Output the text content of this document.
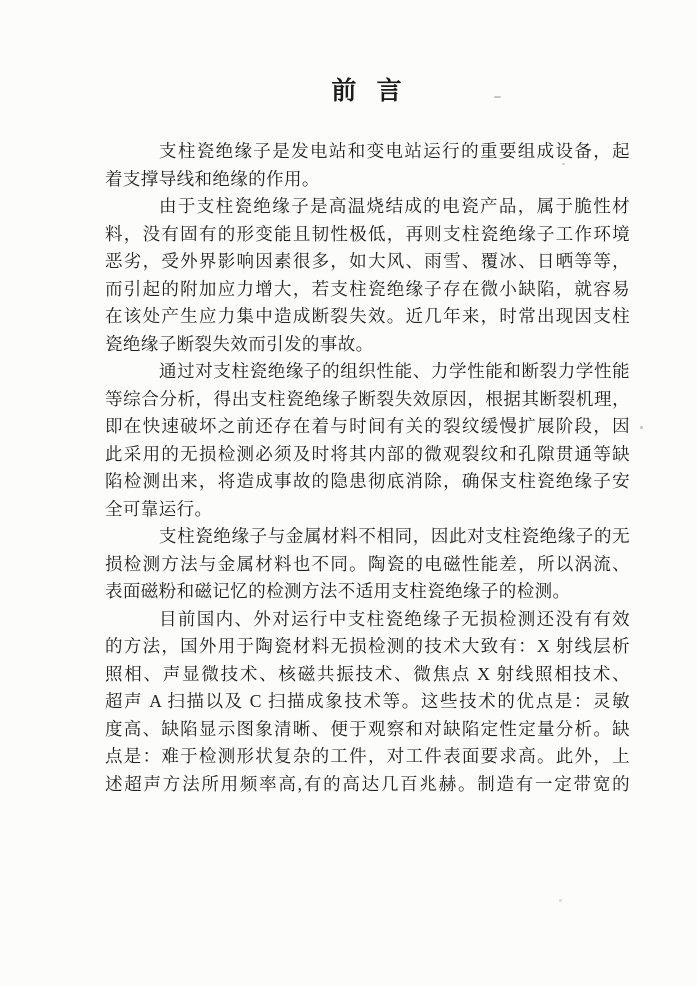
前 言
支柱瓷绝缘子是发电站和变电站运行的重要组成设备，起
着支撑导线和绝缘的作用。
由于支柱瓷绝缘子是高温烧结成的电瓷产品，属于脆性材
料，没有固有的形变能且韧性极低，再则支柱瓷绝缘子工作环境
恶劣，受外界影响因素很多，如大风、雨雪、覆冰、日晒等等，
而引起的附加应力增大，若支柱瓷绝缘子存在微小缺陷，就容易
在该处产生应力集中造成断裂失效。近几年来，时常出现因支柱
瓷绝缘子断裂失效而引发的事故。
通过对支柱瓷绝缘子的组织性能、力学性能和断裂力学性能
等综合分析，得出支柱瓷绝缘子断裂失效原因，根据其断裂机理，
即在快速破坏之前还存在着与时间有关的裂纹缓慢扩展阶段，因
此采用的无损检测必须及时将其内部的微观裂纹和孔隙贯通等缺
陷检测出来，将造成事故的隐患彻底消除，确保支柱瓷绝缘子安
全可靠运行。
支柱瓷绝缘子与金属材料不相同，因此对支柱瓷绝缘子的无
损检测方法与金属材料也不同。陶瓷的电磁性能差，所以涡流、
表面磁粉和磁记忆的检测方法不适用支柱瓷绝缘子的检测。
目前国内、外对运行中支柱瓷绝缘子无损检测还没有有效
的方法，国外用于陶瓷材料无损检测的技术大致有：X 射线层析
照相、声显微技术、核磁共振技术、微焦点 X 射线照相技术、
超声 A 扫描以及 C 扫描成象技术等。这些技术的优点是：灵敏
度高、缺陷显示图象清晰、便于观察和对缺陷定性定量分析。缺
点是：难于检测形状复杂的工件，对工件表面要求高。此外，上
述超声方法所用频率高,有的高达几百兆赫。制造有一定带宽的
